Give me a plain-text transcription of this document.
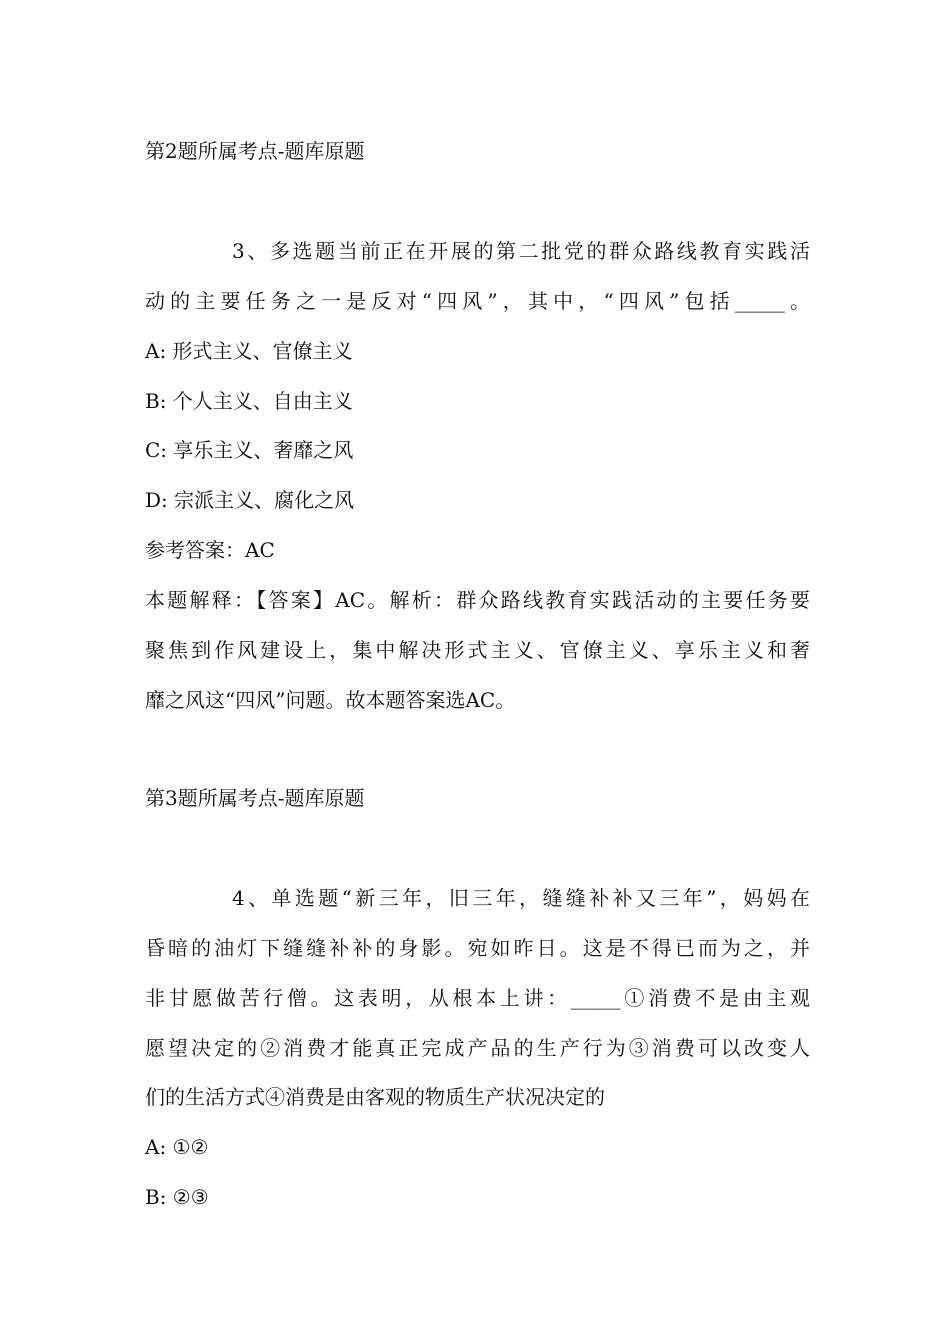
第2题所属考点-题库原题
3、多选题当前正在开展的第二批党的群众路线教育实践活
动的主要任务之一是反对“四风”，其中，“四风”包括_____。
A: 形式主义、官僚主义
B: 个人主义、自由主义
C: 享乐主义、奢靡之风
D: 宗派主义、腐化之风
参考答案：AC
本题解释：【答案】AC。解析：群众路线教育实践活动的主要任务要
聚焦到作风建设上，集中解决形式主义、官僚主义、享乐主义和奢
靡之风这“四风”问题。故本题答案选AC。
第3题所属考点-题库原题
4、单选题“新三年，旧三年，缝缝补补又三年”，妈妈在
昏暗的油灯下缝缝补补的身影。宛如昨日。这是不得已而为之，并
非甘愿做苦行僧。这表明，从根本上讲：_____①消费不是由主观
愿望决定的②消费才能真正完成产品的生产行为③消费可以改变人
们的生活方式④消费是由客观的物质生产状况决定的
A: ①②
B: ②③
